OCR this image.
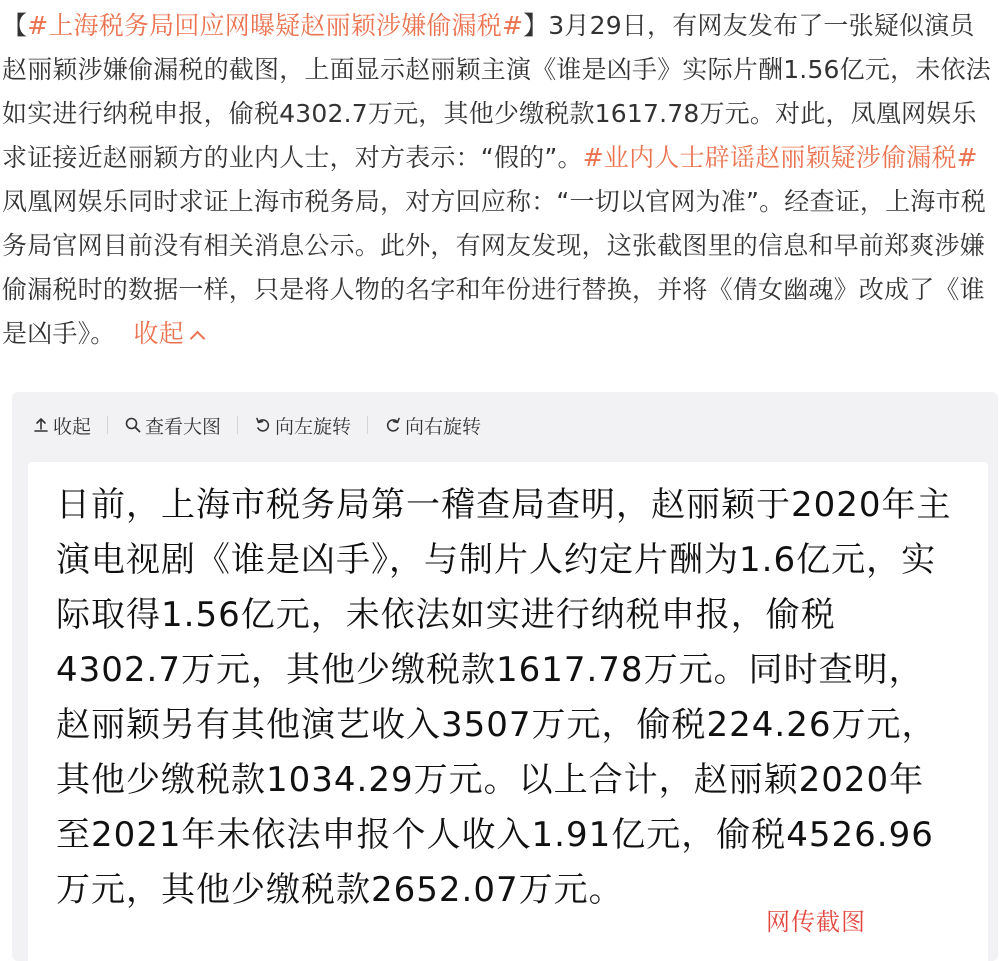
【#上海税务局回应网曝疑赵丽颖涉嫌偷漏税#】3月29日，有网友发布了一张疑似演员赵丽颖涉嫌偷漏税的截图，上面显示赵丽颖主演《谁是凶手》实际片酬1.56亿元，未依法如实进行纳税申报，偷税4302.7万元，其他少缴税款1617.78万元。对此，凤凰网娱乐求证接近赵丽颖方的业内人士，对方表示：“假的”。#业内人士辟谣赵丽颖疑涉偷漏税# 凤凰网娱乐同时求证上海市税务局，对方回应称：“一切以官网为准”。经查证，上海市税务局官网目前没有相关消息公示。此外，有网友发现，这张截图里的信息和早前郑爽涉嫌偷漏税时的数据一样，只是将人物的名字和年份进行替换，并将《倩女幽魂》改成了《谁是凶手》。 收起

收起	查看大图	向左旋转	向右旋转

日前，上海市税务局第一稽查局查明，赵丽颖于2020年主演电视剧《谁是凶手》，与制片人约定片酬为1.6亿元，实际取得1.56亿元，未依法如实进行纳税申报，偷税4302.7万元，其他少缴税款1617.78万元。同时查明，赵丽颖另有其他演艺收入3507万元，偷税224.26万元，其他少缴税款1034.29万元。以上合计，赵丽颖2020年至2021年未依法申报个人收入1.91亿元，偷税4526.96万元，其他少缴税款2652.07万元。

网传截图
